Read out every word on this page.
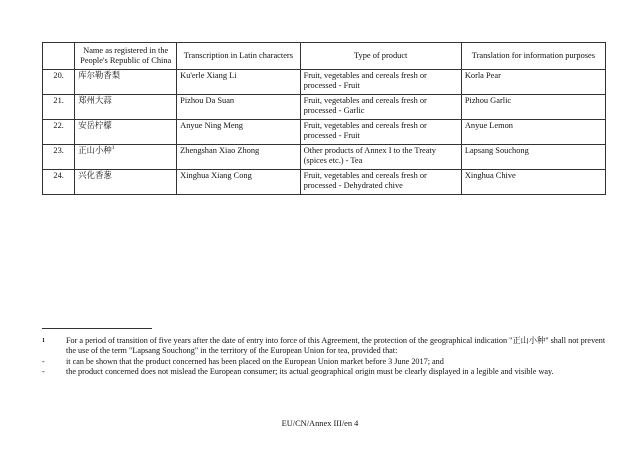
	Name as registered in the People's Republic of China	Transcription in Latin characters	Type of product	Translation for information purposes
20.	库尔勒香梨	Ku'erle Xiang Li	Fruit, vegetables and cereals fresh or processed - Fruit	Korla Pear
21.	郑州大蒜	Pizhou Da Suan	Fruit, vegetables and cereals fresh or processed - Garlic	Pizhou Garlic
22.	安岳柠檬	Anyue Ning Meng	Fruit, vegetables and cereals fresh or processed - Fruit	Anyue Lemon
23.	正山小种$^1$	Zhengshan Xiao Zhong	Other products of Annex I to the Treaty (spices etc.) - Tea	Lapsang Souchong
24.	兴化香葱	Xinghua Xiang Cong	Fruit, vegetables and cereals fresh or processed - Dehydrated chive	Xinghua Chive
1	For a period of transition of five years after the date of entry into force of this Agreement, the protection of the geographical indication "正山小种" shall not prevent the use of the term "Lapsang Souchong" in the territory of the European Union for tea, provided that:
-	it can be shown that the product concerned has been placed on the European Union market before 3 June 2017; and
-	the product concerned does not mislead the European consumer; its actual geographical origin must be clearly displayed in a legible and visible way.
EU/CN/Annex III/en 4
